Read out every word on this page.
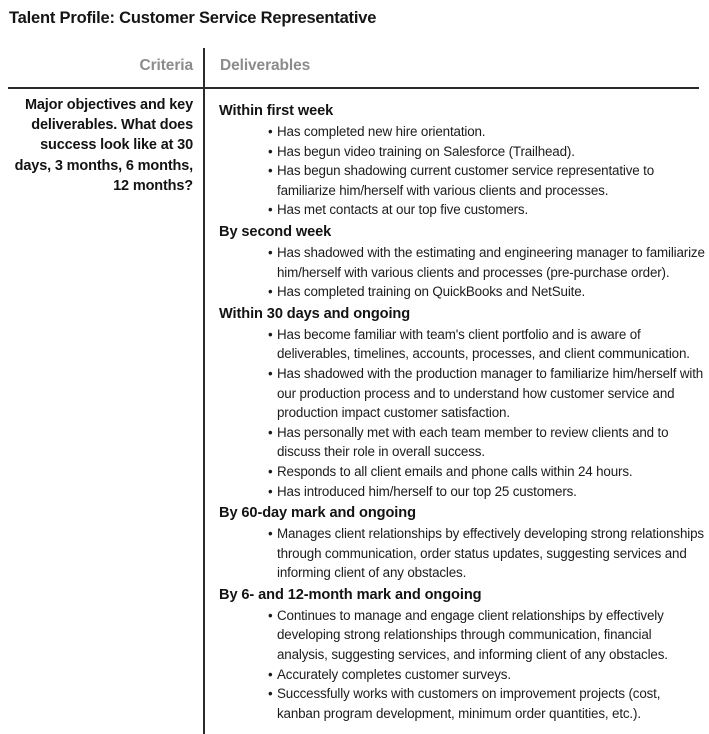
Talent Profile: Customer Service Representative
Criteria Deliverables
Major objectives and key deliverables. What does success look like at 30 days, 3 months, 6 months, 12 months?
Within first week
• Has completed new hire orientation.
• Has begun video training on Salesforce (Trailhead).
• Has begun shadowing current customer service representative to familiarize him/herself with various clients and processes.
• Has met contacts at our top five customers.
By second week
• Has shadowed with the estimating and engineering manager to familiarize him/herself with various clients and processes (pre-purchase order).
• Has completed training on QuickBooks and NetSuite.
Within 30 days and ongoing
• Has become familiar with team's client portfolio and is aware of deliverables, timelines, accounts, processes, and client communication.
• Has shadowed with the production manager to familiarize him/herself with our production process and to understand how customer service and production impact customer satisfaction.
• Has personally met with each team member to review clients and to discuss their role in overall success.
• Responds to all client emails and phone calls within 24 hours.
• Has introduced him/herself to our top 25 customers.
By 60-day mark and ongoing
• Manages client relationships by effectively developing strong relationships through communication, order status updates, suggesting services and informing client of any obstacles.
By 6- and 12-month mark and ongoing
• Continues to manage and engage client relationships by effectively developing strong relationships through communication, financial analysis, suggesting services, and informing client of any obstacles.
• Accurately completes customer surveys.
• Successfully works with customers on improvement projects (cost, kanban program development, minimum order quantities, etc.).
